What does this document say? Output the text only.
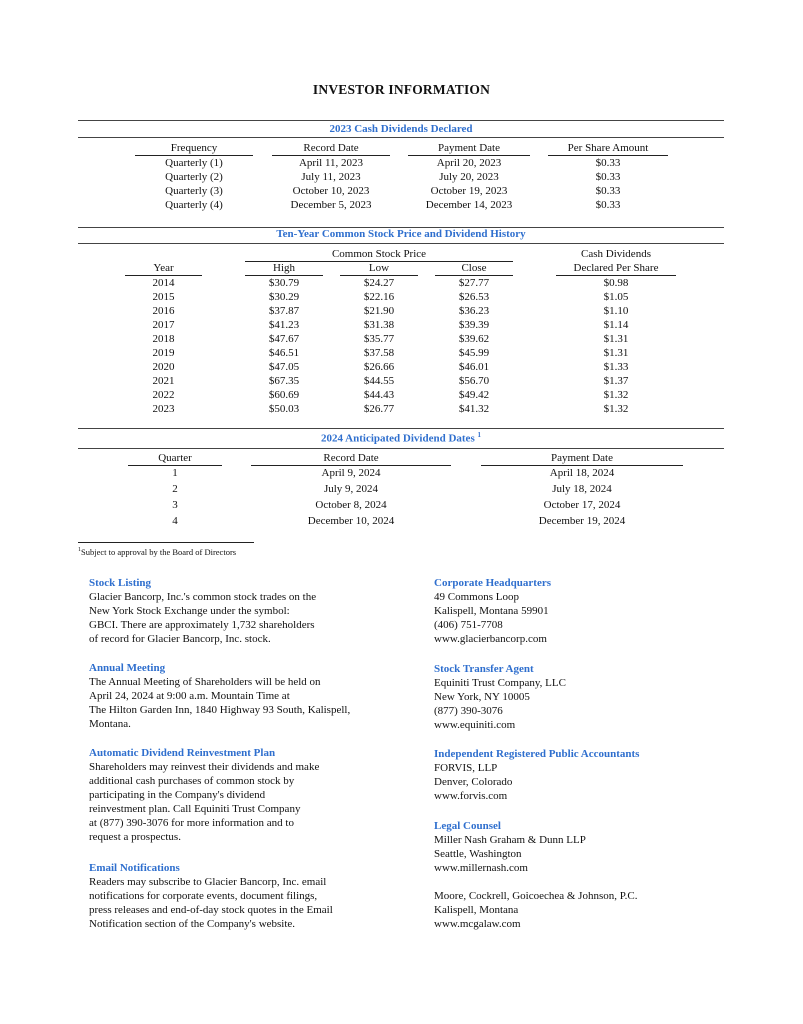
INVESTOR INFORMATION
2023 Cash Dividends Declared
Frequency	Record Date	Payment Date	Per Share Amount
Quarterly (1)	April 11, 2023	April 20, 2023	$0.33
Quarterly (2)	July 11, 2023	July 20, 2023	$0.33
Quarterly (3)	October 10, 2023	October 19, 2023	$0.33
Quarterly (4)	December 5, 2023	December 14, 2023	$0.33
Ten-Year Common Stock Price and Dividend History
Common Stock Price	Cash Dividends
Year	High	Low	Close	Declared Per Share
2014	$30.79	$24.27	$27.77	$0.98
2015	$30.29	$22.16	$26.53	$1.05
2016	$37.87	$21.90	$36.23	$1.10
2017	$41.23	$31.38	$39.39	$1.14
2018	$47.67	$35.77	$39.62	$1.31
2019	$46.51	$37.58	$45.99	$1.31
2020	$47.05	$26.66	$46.01	$1.33
2021	$67.35	$44.55	$56.70	$1.37
2022	$60.69	$44.43	$49.42	$1.32
2023	$50.03	$26.77	$41.32	$1.32
2024 Anticipated Dividend Dates $^1$
Quarter	Record Date	Payment Date
1	April 9, 2024	April 18, 2024
2	July 9, 2024	July 18, 2024
3	October 8, 2024	October 17, 2024
4	December 10, 2024	December 19, 2024
$^1$Subject to approval by the Board of Directors
Stock Listing
Glacier Bancorp, Inc.'s common stock trades on the
New York Stock Exchange under the symbol:
GBCI. There are approximately 1,732 shareholders
of record for Glacier Bancorp, Inc. stock.
Annual Meeting
The Annual Meeting of Shareholders will be held on
April 24, 2024 at 9:00 a.m. Mountain Time at
The Hilton Garden Inn, 1840 Highway 93 South, Kalispell,
Montana.
Automatic Dividend Reinvestment Plan
Shareholders may reinvest their dividends and make
additional cash purchases of common stock by
participating in the Company's dividend
reinvestment plan. Call Equiniti Trust Company
at (877) 390-3076 for more information and to
request a prospectus.
Email Notifications
Readers may subscribe to Glacier Bancorp, Inc. email
notifications for corporate events, document filings,
press releases and end-of-day stock quotes in the Email
Notification section of the Company's website.
Corporate Headquarters
49 Commons Loop
Kalispell, Montana 59901
(406) 751-7708
www.glacierbancorp.com
Stock Transfer Agent
Equiniti Trust Company, LLC
New York, NY 10005
(877) 390-3076
www.equiniti.com
Independent Registered Public Accountants
FORVIS, LLP
Denver, Colorado
www.forvis.com
Legal Counsel
Miller Nash Graham & Dunn LLP
Seattle, Washington
www.millernash.com

Moore, Cockrell, Goicoechea & Johnson, P.C.
Kalispell, Montana
www.mcgalaw.com
